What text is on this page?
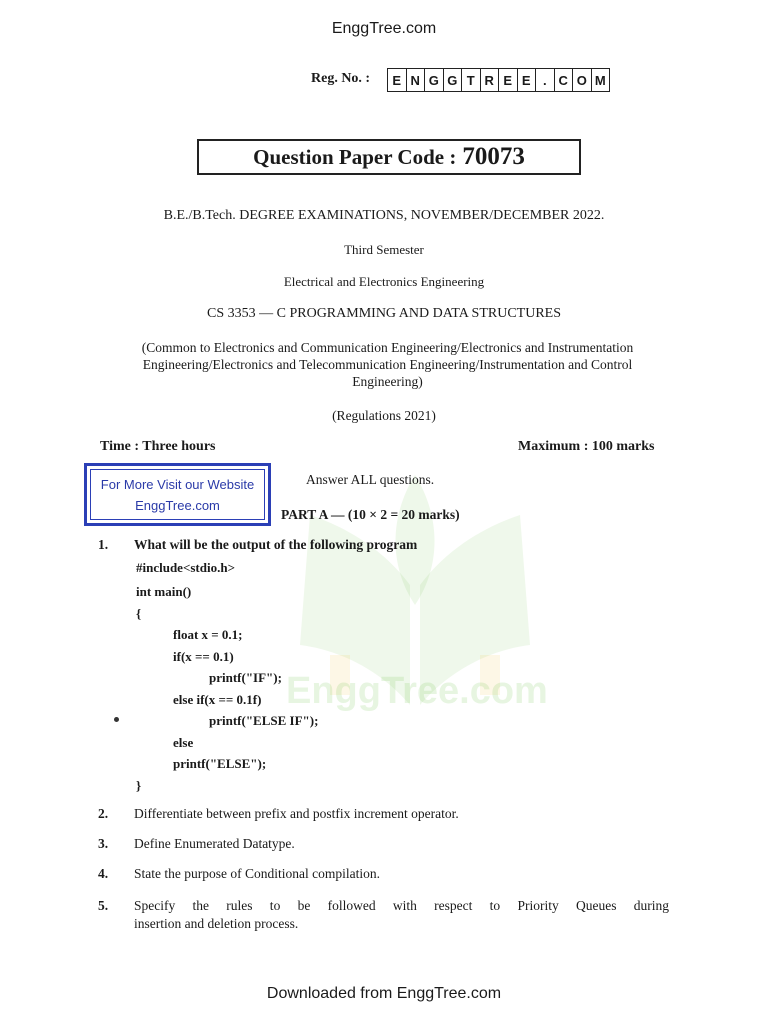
EnggTree.com
Reg. No. :	E N G G T R E E . C O M
Question Paper Code : 70073
B.E./B.Tech. DEGREE EXAMINATIONS, NOVEMBER/DECEMBER 2022.
Third Semester
Electrical and Electronics Engineering
CS 3353 — C PROGRAMMING AND DATA STRUCTURES
(Common to Electronics and Communication Engineering/Electronics and Instrumentation Engineering/Electronics and Telecommunication Engineering/Instrumentation and Control Engineering)
(Regulations 2021)
Time : Three hours	Maximum : 100 marks
EnggTree.com
For More Visit our Website
EnggTree.com
Answer ALL questions.
PART A — (10 × 2 = 20 marks)
1. What will be the output of the following program
#include<stdio.h>
int main()
{
float x = 0.1;
if(x == 0.1)
printf("IF");
else if(x == 0.1f)
printf("ELSE IF");
else
printf("ELSE");
}
2. Differentiate between prefix and postfix increment operator.
3. Define Enumerated Datatype.
4. State the purpose of Conditional compilation.
5. Specify the rules to be followed with respect to Priority Queues during
insertion and deletion process.
Downloaded from EnggTree.com
